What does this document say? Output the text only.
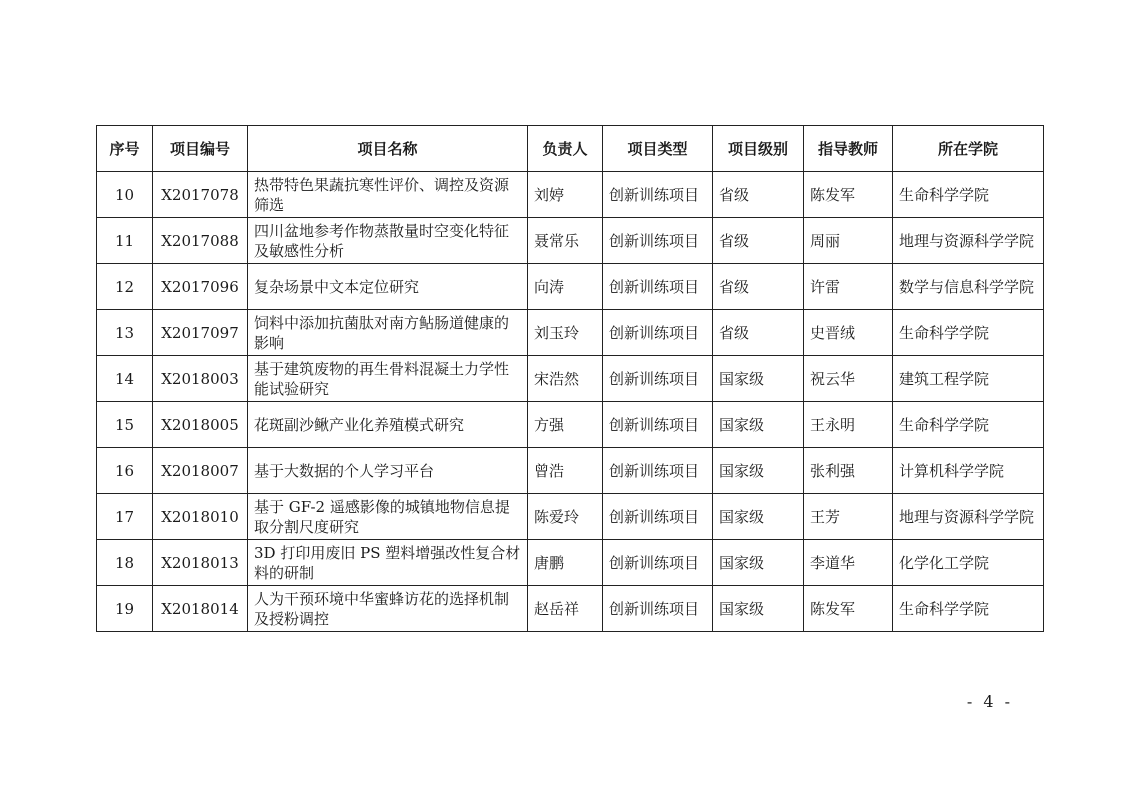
序号	项目编号	项目名称	负责人	项目类型	项目级别	指导教师	所在学院
10	X2017078	热带特色果蔬抗寒性评价、调控及资源筛选	刘婷	创新训练项目	省级	陈发军	生命科学学院
11	X2017088	四川盆地参考作物蒸散量时空变化特征及敏感性分析	聂常乐	创新训练项目	省级	周丽	地理与资源科学学院
12	X2017096	复杂场景中文本定位研究	向涛	创新训练项目	省级	许雷	数学与信息科学学院
13	X2017097	饲料中添加抗菌肽对南方鲇肠道健康的影响	刘玉玲	创新训练项目	省级	史晋绒	生命科学学院
14	X2018003	基于建筑废物的再生骨料混凝土力学性能试验研究	宋浩然	创新训练项目	国家级	祝云华	建筑工程学院
15	X2018005	花斑副沙鳅产业化养殖模式研究	方强	创新训练项目	国家级	王永明	生命科学学院
16	X2018007	基于大数据的个人学习平台	曾浩	创新训练项目	国家级	张利强	计算机科学学院
17	X2018010	基于 GF-2 遥感影像的城镇地物信息提取分割尺度研究	陈爱玲	创新训练项目	国家级	王芳	地理与资源科学学院
18	X2018013	3D 打印用废旧 PS 塑料增强改性复合材料的研制	唐鹏	创新训练项目	国家级	李道华	化学化工学院
19	X2018014	人为干预环境中华蜜蜂访花的选择机制及授粉调控	赵岳祥	创新训练项目	国家级	陈发军	生命科学学院
- 4 -
